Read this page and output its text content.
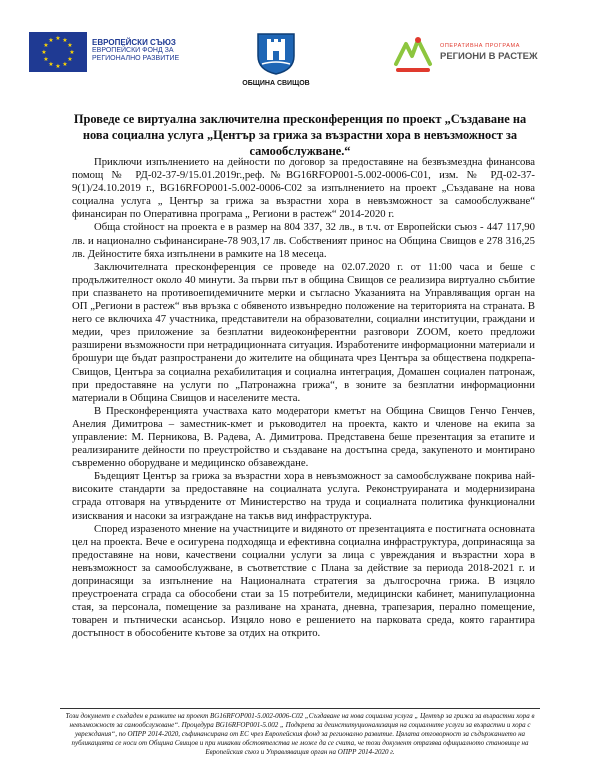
★ ★
★
★
★
★
★
★
★
★
★
★	ЕВРОПЕЙСКИ СЪЮЗ
ЕВРОПЕЙСКИ ФОНД ЗА
РЕГИОНАЛНО РАЗВИТИЕ
ОБЩИНА СВИЩОВ
ОПЕРАТИВНА ПРОГРАМА
РЕГИОНИ В РАСТЕЖ
Проведе се виртуална заключителна пресконференция по проект „Създаване на нова социална услуга „Център за грижа за възрастни хора в невъзможност за самообслужване.“

Приключи изпълнението на дейности по договор за предоставяне на безвъзмездна финансова помощ № РД-02-37-9/15.01.2019г.,реф.№BG16RFOP001-5.002-0006-C01, изм. № РД-02-37-9(1)/24.10.2019 г., BG16RFOP001-5.002-0006-C02 за изпълнението на проект „Създаване на нова социална услуга „ Център за грижа за възрастни хора в невъзможност за самообслужване“ финансиран по Оперативна програма „ Региони в растеж“ 2014-2020 г.

Обща стойност на проекта е в размер на 804 337, 32 лв., в т.ч. от Европейски съюз - 447 117,90 лв. и национално съфинансиране-78 903,17 лв. Собственият принос на Община Свищов е 278 316,25 лв. Дейностите бяха изпълнени в рамките на 18 месеца.

Заключителната пресконференция се проведе на 02.07.2020 г. от 11:00 часа и беше с продължителност около 40 минути. За първи път в община Свищов се реализира виртуално събитие при спазването на противоепидемичните мерки и съгласно Указанията на Управляващия орган на ОП „Региони в растеж“ във връзка с обявеното извънредно положение на територията на страната. В него се включиха 47 участника, представители на образователни, социални институции, граждани и медии, чрез приложение за безплатни видеоконферентни разговори ZOOM, което предложи разширени възможности при нетрадиционната ситуация. Изработените информационни материали и брошури ще бъдат разпространени до жителите на общината чрез Центъра за обществена подкрепа-Свищов, Центъра за социална рехабилитация и социална интеграция, Домашен социален патронаж, при предоставяне на услуги по „Патронажна грижа“, в зоните за безплатни информационни материали в Община Свищов и населените места.

В Пресконференцията участваха като модератори кметът на Община Свищов Генчо Генчев, Анелия Димитрова – заместник-кмет и ръководител на проекта, както и членове на екипа за управление: М. Перникова, В. Радева, А. Димитрова. Представена беше презентация за етапите и реализираните дейности по преустройство и създаване на достъпна среда, закупеното и монтирано съвременно оборудване и медицинско обзавеждане.

Бъдещият Център за грижа за възрастни хора в невъзможност за самообслужване покрива най-високите стандарти за предоставяне на социалната услуга. Реконструираната и модернизирана сграда отговаря на утвърдените от Министерство на труда и социалната политика функционални изисквания и насоки за изграждане на такъв вид инфраструктура.

Според изразеното мнение на участниците и видяното от презентацията е постигната основната цел на проекта. Вече е осигурена подходяща и ефективна социална инфраструктура, допринасяща за предоставяне на нови, качествени социални услуги за лица с увреждания и възрастни хора в невъзможност за самообслужване, в съответствие с Плана за действие за периода 2018-2021 г. и допринасящи за изпълнение на Националната стратегия за дългосрочна грижа. В изцяло преустроената сграда са обособени стаи за 15 потребители, медицински кабинет, манипулационна стая, за персонала, помещение за разливане на храната, дневна, трапезария, перално помещение, товарен и пътнически асансьор. Изцяло ново е решението на парковата среда, която гарантира достъпност в обособените кътове за отдих на открито.

Този документ е създаден в рамките на проект BG16RFOP001-5.002-0006-C02 „Създаване на нова социална услуга „ Център за грижа за възрастни хора в невъзможност за самообслужване“. Процедура BG16RFOP001-5.002 „ Подкрепа за деинституционализация на социалните услуги за възрастни и хора с увреждания“, по ОПРР 2014-2020, съфинансирана от ЕС чрез Европейския фонд за регионално развитие. Цялата отговорност за съдържанието на публикацията се носи от Община Свищов и при никакви обстоятелства не може да се счита, че този документ отразява официалното становище на Европейския съюз и Управляващия орган на ОПРР 2014-2020 г.
